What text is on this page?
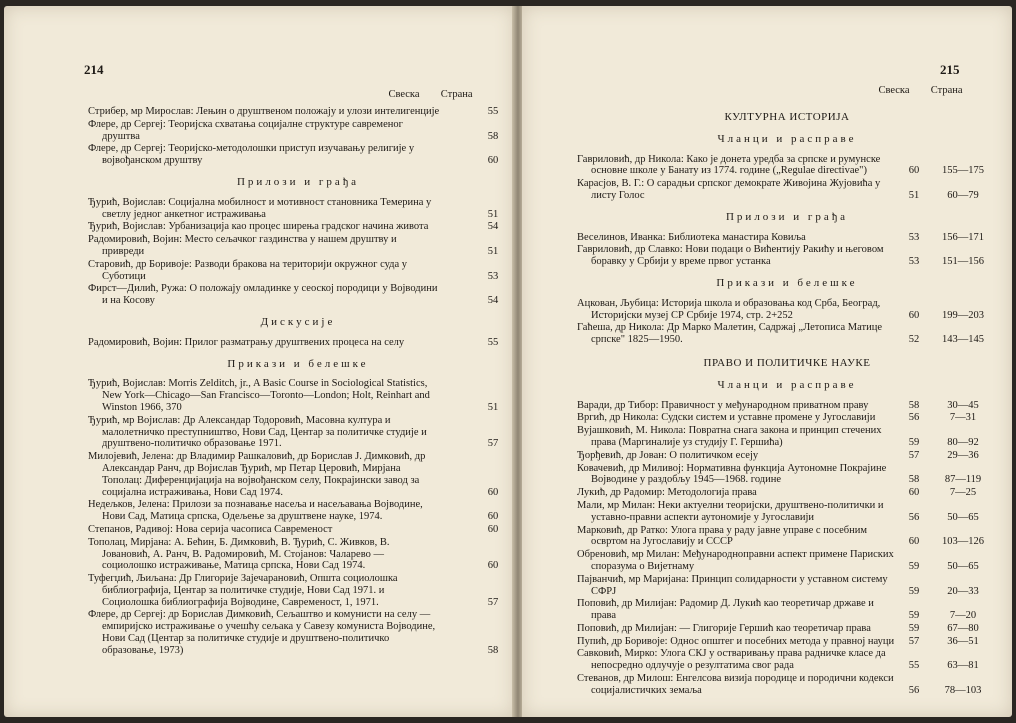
214
Свеска Страна
Стрибер, мр Мирослав: Лењин о друштвеном положају и улози интелигенције	55
Флере, др Сергеј: Теоријска схватања социјалне структуре савременог друштва	58
Флере, др Сергеј: Теоријско-методолошки приступ изучавању религије у војвођанском друштву	60
Прилози и грађа
Ђурић, Војислав: Социјална мобилност и мотивност становника Темерина у светлу једног анкетног истраживања	51
Ђурић, Војислав: Урбанизација као процес ширења градског начина живота	54
Радомировић, Војин: Место сељачког газдинства у нашем друштву и привреди	51
Старовић, др Боривоје: Разводи бракова на територији окружног суда у Суботици	53
Фирст—Дилић, Ружа: О положају омладинке у сеоској породици у Војводини и на Косову	54
Дискусије
Радомировић, Војин: Прилог разматрању друштвених процеса на селу	55
Прикази и белешке
Ђурић, Војислав: Morris Zelditch, jr., A Basic Course in Sociological Statistics, New York—Chicago—San Francisco—Toronto—London; Holt, Reinhart and Winston 1966, 370	51
Ђурић, мр Војислав: Др Александар Тодоровић, Масовна култура и малолетничко преступништво, Нови Сад, Центар за политичке студије и друштвено-политичко образовање 1971.	57
Милојевић, Јелена: др Владимир Рашкаловић, др Борислав Ј. Димковић, др Александар Ранч, др Војислав Ђурић, мр Петар Церовић, Мирјана Тополац: Диференцијација на војвођанском селу, Покрајински завод за социјална истраживања, Нови Сад 1974.	60
Недељков, Јелена: Прилози за познавање насеља и насељавања Војводине, Нови Сад, Матица српска, Одељење за друштвене науке, 1974.	60
Степанов, Радивој: Нова серија часописа Савременост	60
Тополац, Мирјана: А. Бећин, Б. Димковић, В. Ђурић, С. Живков, В. Јовановић, А. Ранч, В. Радомировић, М. Стојанов: Чаларево — социолошко истраживање, Матица српска, Нови Сад 1974.	60
Туфегџић, Љиљана: Др Глигорије Зајечарановић, Општа социолошка библиографија, Центар за политичке студије, Нови Сад 1971. и Социолошка библиографија Војводине, Савременост, 1, 1971.	57
Флере, др Сергеј: др Борислав Димковић, Сељаштво и комунисти на селу — емпиријско истраживање о учешћу сељака у Савезу комуниста Војводине, Нови Сад (Центар за политичке студије и друштвено-политичко образовање, 1973)	58
215
Свеска Страна
КУЛТУРНА ИСТОРИЈА
Чланци и расправе
Гавриловић, др Никола: Како је донета уредба за српске и румунске основне школе у Банату из 1774. године („Regulae directivae")	60	155—175
Карасјов, В. Г.: О сарадњи српског демократе Живојина Жујовића у листу Голос	51	60—79
Прилози и грађа
Веселинов, Иванка: Библиотека манастира Ковиља	53	156—171
Гавриловић, др Славко: Нови подаци о Вићентију Ракићу и његовом боравку у Србији у време првог устанка	53	151—156
Прикази и белешке
Ацкован, Љубица: Историја школа и образовања код Срба, Београд, Историјски музеј СР Србије 1974, стр. 2+252	60	199—203
Гаћеша, др Никола: Др Марко Малетин, Садржај „Летописа Матице српске" 1825—1950.	52	143—145
ПРАВО И ПОЛИТИЧКЕ НАУКЕ
Чланци и расправе
Варади, др Тибор: Правичност у међународном приватном праву	58	30—45
Вргић, др Никола: Судски систем и уставне промене у Југославији	56	7—31
Вујашковић, М. Никола: Повратна снага закона и принцип стечених права (Маргиналије уз студију Г. Гершића)	59	80—92
Ђорђевић, др Јован: О политичком есеју	57	29—36
Ковачевић, др Миливој: Нормативна функција Аутономне Покрајине Војводине у раздобљу 1945—1968. године	58	87—119
Лукић, др Радомир: Методологија права	60	7—25
Мали, мр Милан: Неки актуелни теоријски, друштвено-политички и уставно-правни аспекти аутономије у Југославији	56	50—65
Марковић, др Ратко: Улога права у раду јавне управе с посебним освртом на Југославију и СССР	60	103—126
Обреновић, мр Милан: Међународноправни аспект примене Париских споразума о Вијетнаму	59	50—65
Пајванчић, мр Маријана: Принцип солидарности у уставном систему СФРЈ	59	20—33
Поповић, др Милијан: Радомир Д. Лукић као теоретичар државе и права	59	7—20
Поповић, др Милијан: — Глигорије Гершић као теоретичар права	59	67—80
Пупић, др Боривоје: Однос општег и посебних метода у правној науци	57	36—51
Савковић, Мирко: Улога СКЈ у остваривању права радничке класе да непосредно одлучује о резултатима свог рада	55	63—81
Стеванов, др Милош: Енгелсова визија породице и породични кодекси социјалистичких земаља	56	78—103
